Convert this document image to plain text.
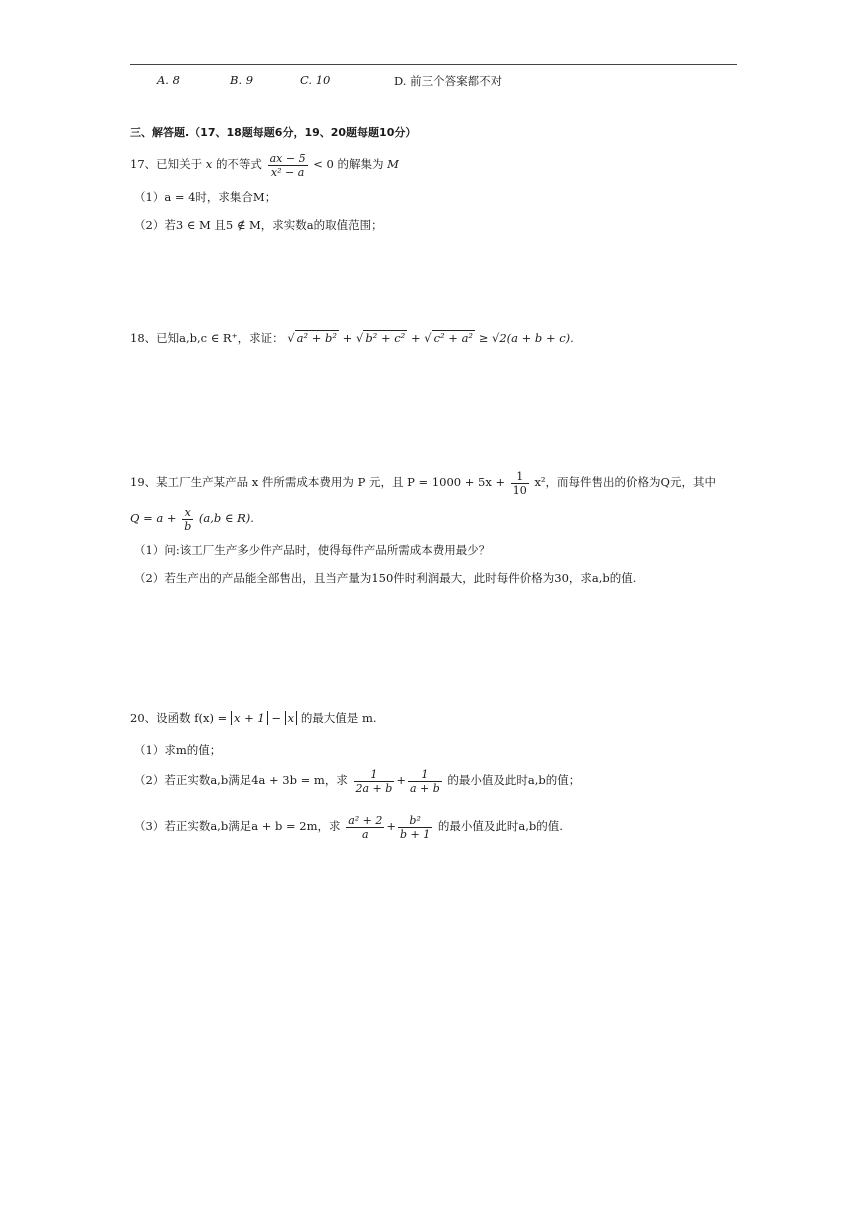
A. 8	B. 9	C. 10	D. 前三个答案都不对
三、解答题.（17、18题每题6分，19、20题每题10分）
17、已知关于 x 的不等式 $\frac{ax - 5}{\text{x² − a}} < 0$ 的解集为 M
（1）a = 4时，求集合M；
（2）若3 ∈ M 且5 ∉ M，求实数a的取值范围；
18、已知a,b,c ∈ R⁺，求证： √ a² + b² + √ b² + c² + √ c² + a² ≥ √2(a + b + c).
19、某工厂生产某产品 x 件所需成本费用为 P 元，且 $P = 1000 + 5x + \frac{1}{10} x^2$，而每件售出的价格为Q元，其中
$Q = a + \frac{x}{b} (a,b$ ∈ R).
（1）问:该工厂生产多少件产品时，使得每件产品所需成本费用最少？
（2）若生产出的产品能全部售出，且当产量为150件时利润最大，此时每件价格为30，求a,b的值.
20、设函数 f(x) = x + 1 − x 的最大值是 m.
（1）求m的值；
（2）若正实数a,b满足4a + 3b = m，求 $\frac{1}{2a + b} + \frac{1}{a + b}$ 的最小值及此时a,b的值；
（3）若正实数a,b满足a + b = 2m，求 $\frac{\text{a² + 2}}{a} + \frac{\text{b²}}{b + 1}$ 的最小值及此时a,b的值.
